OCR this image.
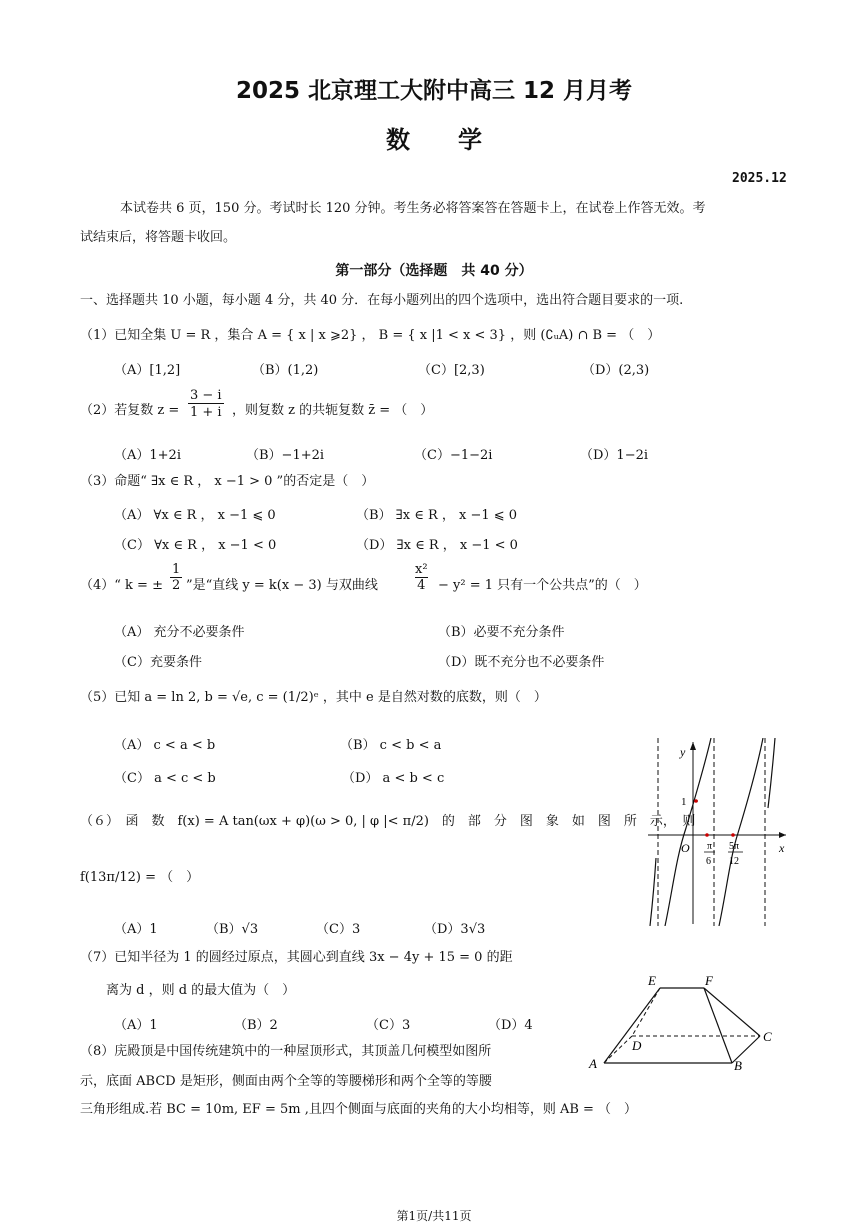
2025 北京理工大附中高三 12 月月考
数学
2025.12
本试卷共 6 页，150 分。考试时长 120 分钟。考生务必将答案答在答题卡上，在试卷上作答无效。考
试结束后，将答题卡收回。
第一部分（选择题　共 40 分）
一、选择题共 10 小题，每小题 4 分，共 40 分．在每小题列出的四个选项中，选出符合题目要求的一项.
（1）已知全集 U = R ，集合 A = { x | x ⩾2} ， B = { x |1 < x < 3} ，则 (∁ᵤA) ∩ B = （　）
（A）[1,2]	（B）(1,2)	（C）[2,3)	（D）(2,3)
（2）若复数 $z = \frac{3 - i}{1 + i}$ ，则复数 z 的共轭复数 z̄ = （　）
（A）1+2i	（B）−1+2i	（C）−1−2i	（D）1−2i
（3）命题“ ∃x ∈ R ， x −1 > 0 ”的否定是（　）
（A） ∀x ∈ R ， x −1 ⩽ 0	（B） ∃x ∈ R ， x −1 ⩽ 0
（C） ∀x ∈ R ， x −1 < 0	（D） ∃x ∈ R ， x −1 < 0
（4）“ k = ± $\frac{1}{2}$ ”是“直线 y = k(x − 3) 与双曲线	$\frac{\text{x²}}{4} - y^2 = 1$ 只有一个公共点”的（　）
（A） 充分不必要条件	（B）必要不充分条件
（C）充要条件	（D）既不充分也不必要条件
（5）已知 a = ln 2, b = √e, c = (1/2)ᵉ ，其中 e 是自然对数的底数，则（　）
（A） c < a < b	（B） c < b < a
（C） a < c < b	（D） a < b < c
（６）　函　数　f(x) = A tan(ωx + φ)(ω > 0, | φ |< π/2)　的　部　分　图　象　如　图　所　示，　则
f(13π/12) = （　）
（A）1	（B）√3	（C）3	（D）3√3
y
x
O
1
π
6
5π
12
（7）已知半径为 1 的圆经过原点，其圆心到直线 3x − 4y + 15 = 0 的距
离为 d ，则 d 的最大值为（　）
（A）1	（B）2	（C）3	（D）4
（8）庑殿顶是中国传统建筑中的一种屋顶形式，其顶盖几何模型如图所
示，底面 ABCD 是矩形，侧面由两个全等的等腰梯形和两个全等的等腰
三角形组成.若 BC = 10m, EF = 5m ,且四个侧面与底面的夹角的大小均相等，则 AB = （　）
E	F
A	B
C
D
第1页/共11页
